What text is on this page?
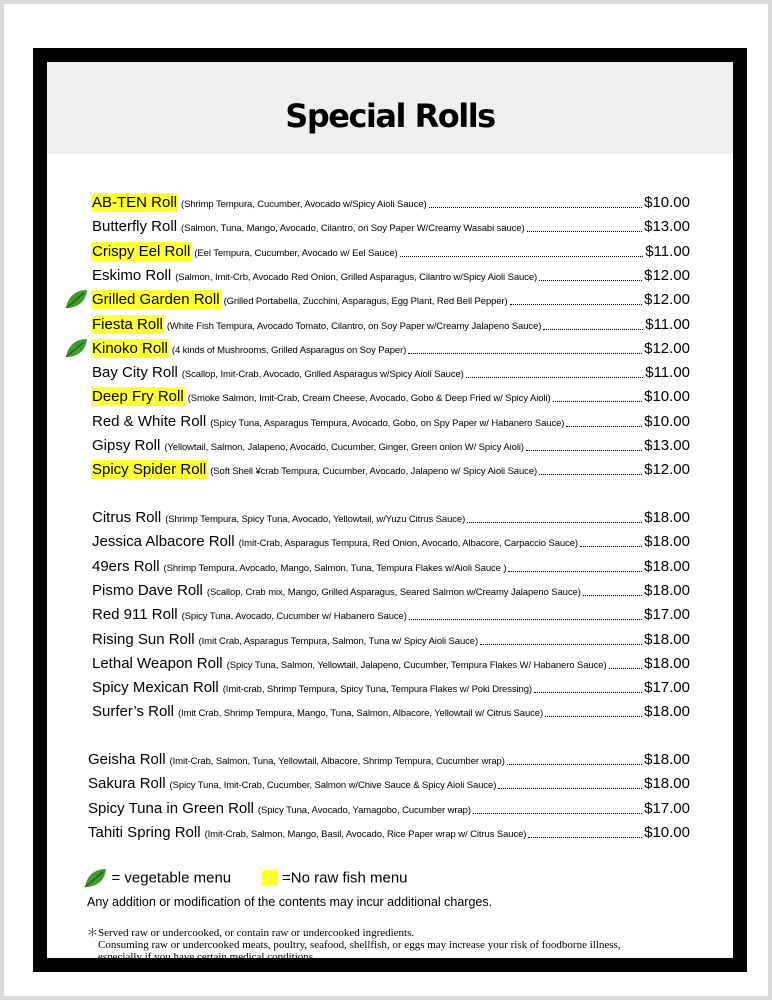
Special Rolls
AB-TEN Roll (Shrimp Tempura, Cucumber, Avocado w/Spicy Aioli Sauce)	$10.00
Butterfly Roll (Salmon, Tuna, Mango, Avocado, Cilantro, on Soy Paper W/Creamy Wasabi sauce)	$13.00
Crispy Eel Roll (Eel Tempura, Cucumber, Avocado w/ Eel Sauce)	$11.00
Eskimo Roll (Salmon, Imit-Crb, Avocado Red Onion, Grilled Asparagus, Cilantro w/Spicy Aioli Sauce)	$12.00
Grilled Garden Roll (Grilled Portabella, Zucchini, Asparagus, Egg Plant, Red Bell Pepper)	$12.00
Fiesta Roll (White Fish Tempura, Avocado Tomato, Cilantro, on Soy Paper w/Creamy Jalapeno Sauce)	$11.00
Kinoko Roll (4 kinds of Mushrooms, Grilled Asparagus on Soy Paper)	$12.00
Bay City Roll (Scallop, Imit-Crab, Avocado, Grilled Asparagus w/Spicy Aioli Sauce)	$11.00
Deep Fry Roll (Smoke Salmon, Imit-Crab, Cream Cheese, Avocado, Gobo & Deep Fried w/ Spicy Aioli)	$10.00
Red & White Roll (Spicy Tuna, Asparagus Tempura, Avocado, Gobo, on Spy Paper w/ Habanero Sauce)	$10.00
Gipsy Roll (Yellowtail, Salmon, Jalapeno, Avocado, Cucumber, Ginger, Green onion W/ Spicy Aioli)	$13.00
Spicy Spider Roll (Soft Shell ¥crab Tempura, Cucumber, Avocado, Jalapeno w/ Spicy Aioli Sauce)	$12.00
Citrus Roll (Shrimp Tempura, Spicy Tuna, Avocado, Yellowtail, w/Yuzu Citrus Sauce)	$18.00
Jessica Albacore Roll (Imit-Crab, Asparagus Tempura, Red Onion, Avocado, Albacore, Carpaccio Sauce)	$18.00
49ers Roll (Shrimp Tempura, Avocado, Mango, Salmon, Tuna, Tempura Flakes w/Aioli Sauce )	$18.00
Pismo Dave Roll (Scallop, Crab mix, Mango, Grilled Asparagus, Seared Salmon w/Creamy Jalapeno Sauce)	$18.00
Red 911 Roll (Spicy Tuna, Avocado, Cucumber w/ Habanero Sauce)	$17.00
Rising Sun Roll (Imit Crab, Asparagus Tempura, Salmon, Tuna w/ Spicy Aioli Sauce)	$18.00
Lethal Weapon Roll (Spicy Tuna, Salmon, Yellowtail, Jalapeno, Cucumber, Tempura Flakes W/ Habanero Sauce)	$18.00
Spicy Mexican Roll (Imit-crab, Shrimp Tempura, Spicy Tuna, Tempura Flakes w/ Poki Dressing)	$17.00
Surfer’s Roll (Imit Crab, Shrimp Tempura, Mango, Tuna, Salmon, Albacore, Yellowtail w/ Citrus Sauce)	$18.00
Geisha Roll (Imit-Crab, Salmon, Tuna, Yellowtail, Albacore, Shrimp Tempura, Cucumber wrap)	$18.00
Sakura Roll (Spicy Tuna, Imit-Crab, Cucumber, Salmon w/Chive Sauce & Spicy Aioli Sauce)	$18.00
Spicy Tuna in Green Roll (Spicy Tuna, Avocado, Yamagobo, Cucumber wrap)	$17.00
Tahiti Spring Roll (Imit-Crab, Salmon, Mango, Basil, Avocado, Rice Paper wrap w/ Citrus Sauce)	$10.00
= vegetable menu	=No raw fish menu
Any addition or modification of the contents may incur additional charges.
＊Served raw or undercooked, or contain raw or undercooked ingredients.
Consuming raw or undercooked meats, poultry, seafood, shellfish, or eggs may increase your risk of foodborne illness,
especially if you have certain medical conditions.
